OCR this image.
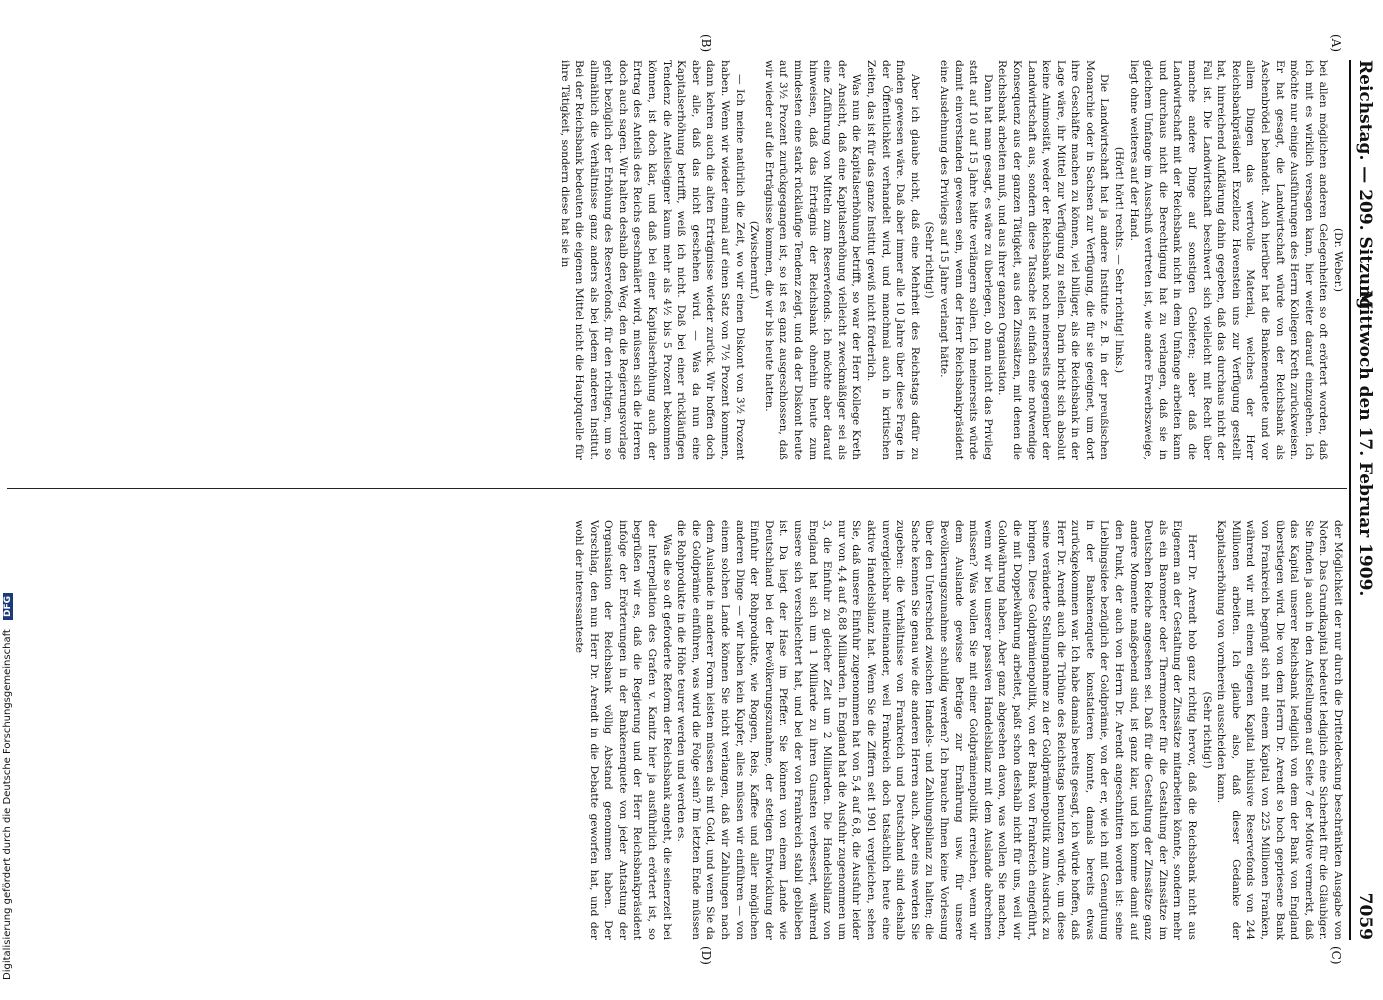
Reichstag. — 209. Sitzung.
Mittwoch den 17. Februar 1909.
7059
(A)
(B)
(C)
(D)

(Dr. Weber.)

bei allen möglichen anderen Gelegenheiten so oft erörtert worden, daß ich mit es wirklich versagen kann, hier weiter darauf einzugehen. Ich möchte nur einige Ausführungen des Herrn Kollegen Kreth zurückweisen. Er hat gesagt, die Landwirtschaft würde von der Reichsbank als Aschenbrödel behandelt. Auch hierüber hat die Bankenenquete und vor allem Dingen das wertvolle Material, welches der Herr Reichsbankpräsident Exzellenz Havenstein uns zur Verfügung gestellt hat, hinreichend Aufklärung dahin gegeben, daß das durchaus nicht der Fall ist. Die Landwirtschaft beschwert sich vielleicht mit Recht über manche andere Dinge auf sonstigen Gebieten; aber daß die Landwirtschaft mit der Reichsbank nicht in dem Umfange arbeiten kann und durchaus nicht die Berechtigung hat zu verlangen, daß sie in gleichem Umfange im Ausschuß vertreten ist, wie andere Erwerbszweige, liegt ohne weiteres auf der Hand.

(Hört! hört! rechts. — Sehr richtig! links.)

Die Landwirtschaft hat ja andere Institute z. B. in der preußischen Monarchie oder in Sachsen zur Verfügung, die für sie geeignet, um dort ihre Geschäfte machen zu können, viel billiger, als die Reichsbank in der Lage wäre, ihr Mittel zur Verfügung zu stellen. Darin bricht sich absolut keine Animosität, weder der Reichsbank noch meinerseits gegenüber der Landwirtschaft aus, sondern diese Tatsache ist einfach eine notwendige Konsequenz aus der ganzen Tätigkeit, aus den Zinssätzen, mit denen die Reichsbank arbeiten muß, und aus ihrer ganzen Organisation.

Dann hat man gesagt, es wäre zu überlegen, ob man nicht das Privileg statt auf 10 auf 15 Jahre hätte verlängern sollen. Ich meinerseits würde damit einverstanden gewesen sein, wenn der Herr Reichsbankpräsident eine Ausdehnung des Privilegs auf 15 Jahre verlangt hätte.

(Sehr richtig!)

Aber ich glaube nicht, daß eine Mehrheit des Reichstags dafür zu finden gewesen wäre. Daß aber immer alle 10 Jahre über diese Frage in der Öffentlichkeit verhandelt wird, und manchmal auch in kritischen Zeiten, das ist für das ganze Institut gewiß nicht förderlich.

Was nun die Kapitalserhöhung betrifft, so war der Herr Kollege Kreth der Ansicht, daß eine Kapitalserhöhung vielleicht zweckmäßiger sei als eine Zuführung von Mitteln zum Reservefonds. Ich möchte aber darauf hinweisen, daß das Erträgnis der Reichsbank ohnehin heute zum mindesten eine stark rückläufige Tendenz zeigt, und da der Diskont heute auf 3½ Prozent zurückgegangen ist, so ist es ganz ausgeschlossen, daß wir wieder auf die Erträgnisse kommen, die wir bis heute hatten.

(Zwischenruf.)

— Ich meine natürlich die Zeit, wo wir einen Diskont von 3½ Prozent haben. Wenn wir wieder einmal auf einen Satz von 7½ Prozent kommen, dann kehren auch die alten Erträgnisse wieder zurück. Wir hoffen doch aber alle, daß das nicht geschehen wird. — Was da nun eine Kapitalserhöhung betrifft, weiß ich nicht. Daß bei einer rückläufigen Tendenz die Anteilseigner kaum mehr als 4½ bis 5 Prozent bekommen können, ist doch klar, und daß bei einer Kapitalserhöhung auch der Ertrag des Anteils des Reichs geschmälert wird, müssen sich die Herren doch auch sagen. Wir halten deshalb den Weg, den die Regierungsvorlage geht bezüglich der Erhöhung des Reservefonds, für den richtigen, um so allmählich die Verhältnisse ganz anders als bei jedem anderen Institut. Bei der Reichsbank bedeuten die eigenen Mittel nicht die Hauptquelle für ihre Tätigkeit, sondern diese hat sie in

der Möglichkeit der nur durch die Dritteldeckung beschränkten Ausgabe von Noten. Das Grundkapital bedeutet lediglich eine Sicherheit für die Gläubiger. Sie finden ja auch in den Aufstellungen auf Seite 7 der Motive vermerkt, daß das Kapital unserer Reichsbank lediglich von dem der Bank von England überstiegen wird. Die von dem Herrn Dr. Arendt so hoch gepriesene Bank von Frankreich begnügt sich mit einem Kapital von 225 Millionen Franken, während wir mit einem eigenen Kapital inklusive Reservefonds von 244 Millionen arbeiten. Ich glaube also, daß dieser Gedanke der Kapitalserhöhung von vornherein ausscheiden kann.

(Sehr richtig!)

Herr Dr. Arendt hob ganz richtig hervor, daß die Reichsbank nicht aus Eigenem an der Gestaltung der Zinssätze mitarbeiten könnte, sondern mehr als ein Barometer oder Thermometer für die Gestaltung der Zinssätze im Deutschen Reiche angesehen sei. Daß für die Gestaltung der Zinssätze ganz andere Momente maßgebend sind, ist ganz klar, und ich komme damit auf den Punkt, der auch von Herrn Dr. Arendt angeschnitten worden ist: seine Lieblingsidee bezüglich der Goldprämie, von der er, wie ich mit Genugtuung in der Bankenenquete konstatieren konnte, damals bereits etwas zurückgekommen war. Ich habe damals bereits gesagt, ich würde hoffen, daß Herr Dr. Arendt auch die Tribüne des Reichstags benutzen würde, um diese seine veränderte Stellungnahme zu der Goldprämienpolitik zum Ausdruck zu bringen. Diese Goldprämienpolitik, von der Bank von Frankreich eingeführt, die mit Doppelwährung arbeitet, paßt schon deshalb nicht für uns, weil wir Goldwährung haben. Aber ganz abgesehen davon, was wollen Sie machen, wenn wir bei unserer passiven Handelsbilanz mit dem Auslande abrechnen müssen? Was wollen Sie mit einer Goldprämienpolitik erreichen, wenn wir dem Auslande gewisse Beträge zur Ernährung usw. für unsere Bevölkerungszunahme schuldig werden? Ich brauche Ihnen keine Vorlesung über den Unterschied zwischen Handels- und Zahlungsbilanz zu halten; die Sache kennen Sie genau wie die anderen Herren auch. Aber eins werden Sie zugeben: die Verhältnisse von Frankreich und Deutschland sind deshalb unvergleichbar miteinander, weil Frankreich doch tatsächlich heute eine aktive Handelsbilanz hat. Wenn Sie die Ziffern seit 1901 vergleichen, sehen Sie, daß unsere Einfuhr zugenommen hat von 5,4 auf 6,8, die Ausfuhr leider nur von 4,4 auf 6,88 Milliarden. In England hat die Ausfuhr zugenommen um 3, die Einfuhr zu gleicher Zeit um 2 Milliarden. Die Handelsbilanz von England hat sich um 1 Milliarde zu ihren Gunsten verbessert, während unsere sich verschlechtert hat, und bei der von Frankreich stabil geblieben ist. Da liegt der Hase im Pfeffer. Sie können von einem Lande wie Deutschland bei der Bevölkerungszunahme, der stetigen Entwicklung der Einfuhr der Rohprodukte, wie Roggen, Reis, Kaffee und aller möglichen anderen Dinge — wir haben kein Kupfer, alles müssen wir einführen — von einem solchen Lande können Sie nicht verlangen, daß wir Zahlungen nach dem Auslande in anderer Form leisten müssen als mit Gold, und wenn Sie da die Goldprämie einführen, was wird die Folge sein? Im letzten Ende müssen die Rohprodukte in die Höhe teurer werden und werden es.

Was die so oft geforderte Reform der Reichsbank angeht, die seinerzeit bei der Interpellation des Grafen v. Kanitz hier ja ausführlich erörtert ist, so begrüßen wir es, daß die Regierung und der Herr Reichsbankpräsident infolge der Erörterungen in der Bankenenquete von jeder Antastung der Organisation der Reichsbank völlig Abstand genommen haben. Der Vorschlag, den nun Herr Dr. Arendt in die Debatte geworfen hat, und der wohl der interessanteste

Digitalisierung gefördert durch die Deutsche Forschungsgemeinschaft DFG
